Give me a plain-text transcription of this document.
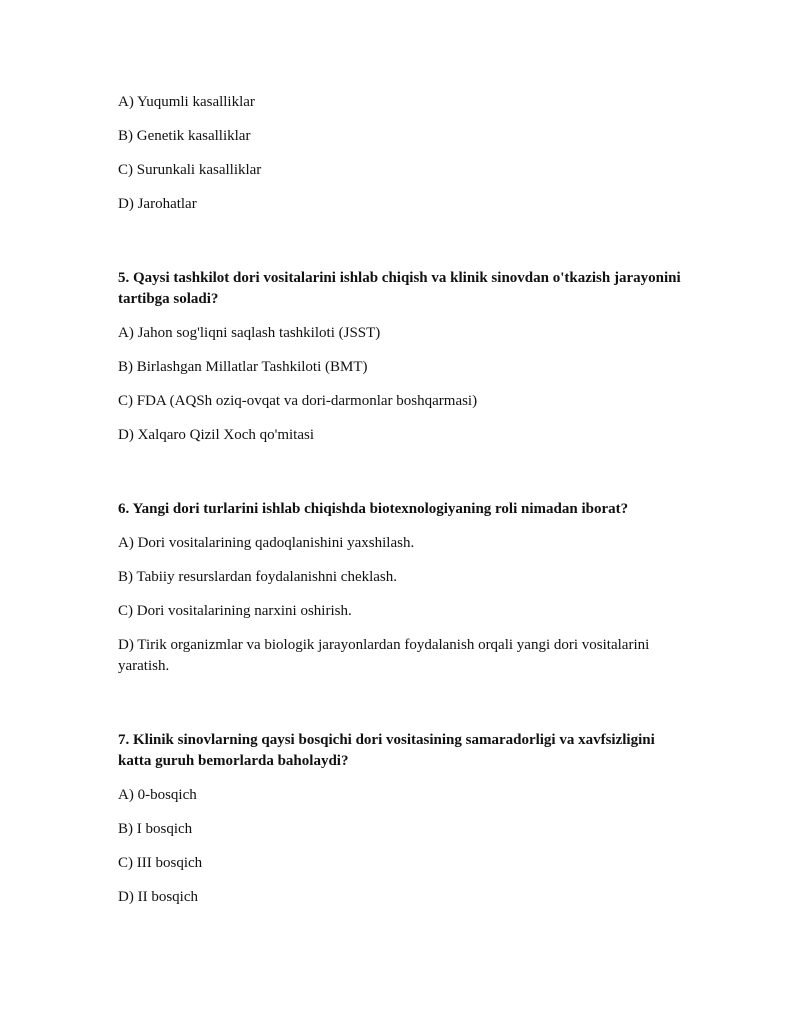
A) Yuqumli kasalliklar
B) Genetik kasalliklar
C) Surunkali kasalliklar
D) Jarohatlar
5. Qaysi tashkilot dori vositalarini ishlab chiqish va klinik sinovdan o'tkazish jarayonini tartibga soladi?
A) Jahon sog'liqni saqlash tashkiloti (JSST)
B) Birlashgan Millatlar Tashkiloti (BMT)
C) FDA (AQSh oziq-ovqat va dori-darmonlar boshqarmasi)
D) Xalqaro Qizil Xoch qo'mitasi
6. Yangi dori turlarini ishlab chiqishda biotexnologiyaning roli nimadan iborat?
A) Dori vositalarining qadoqlanishini yaxshilash.
B) Tabiiy resurslardan foydalanishni cheklash.
C) Dori vositalarining narxini oshirish.
D) Tirik organizmlar va biologik jarayonlardan foydalanish orqali yangi dori vositalarini yaratish.
7. Klinik sinovlarning qaysi bosqichi dori vositasining samaradorligi va xavfsizligini katta guruh bemorlarda baholaydi?
A) 0-bosqich
B) I bosqich
C) III bosqich
D) II bosqich
